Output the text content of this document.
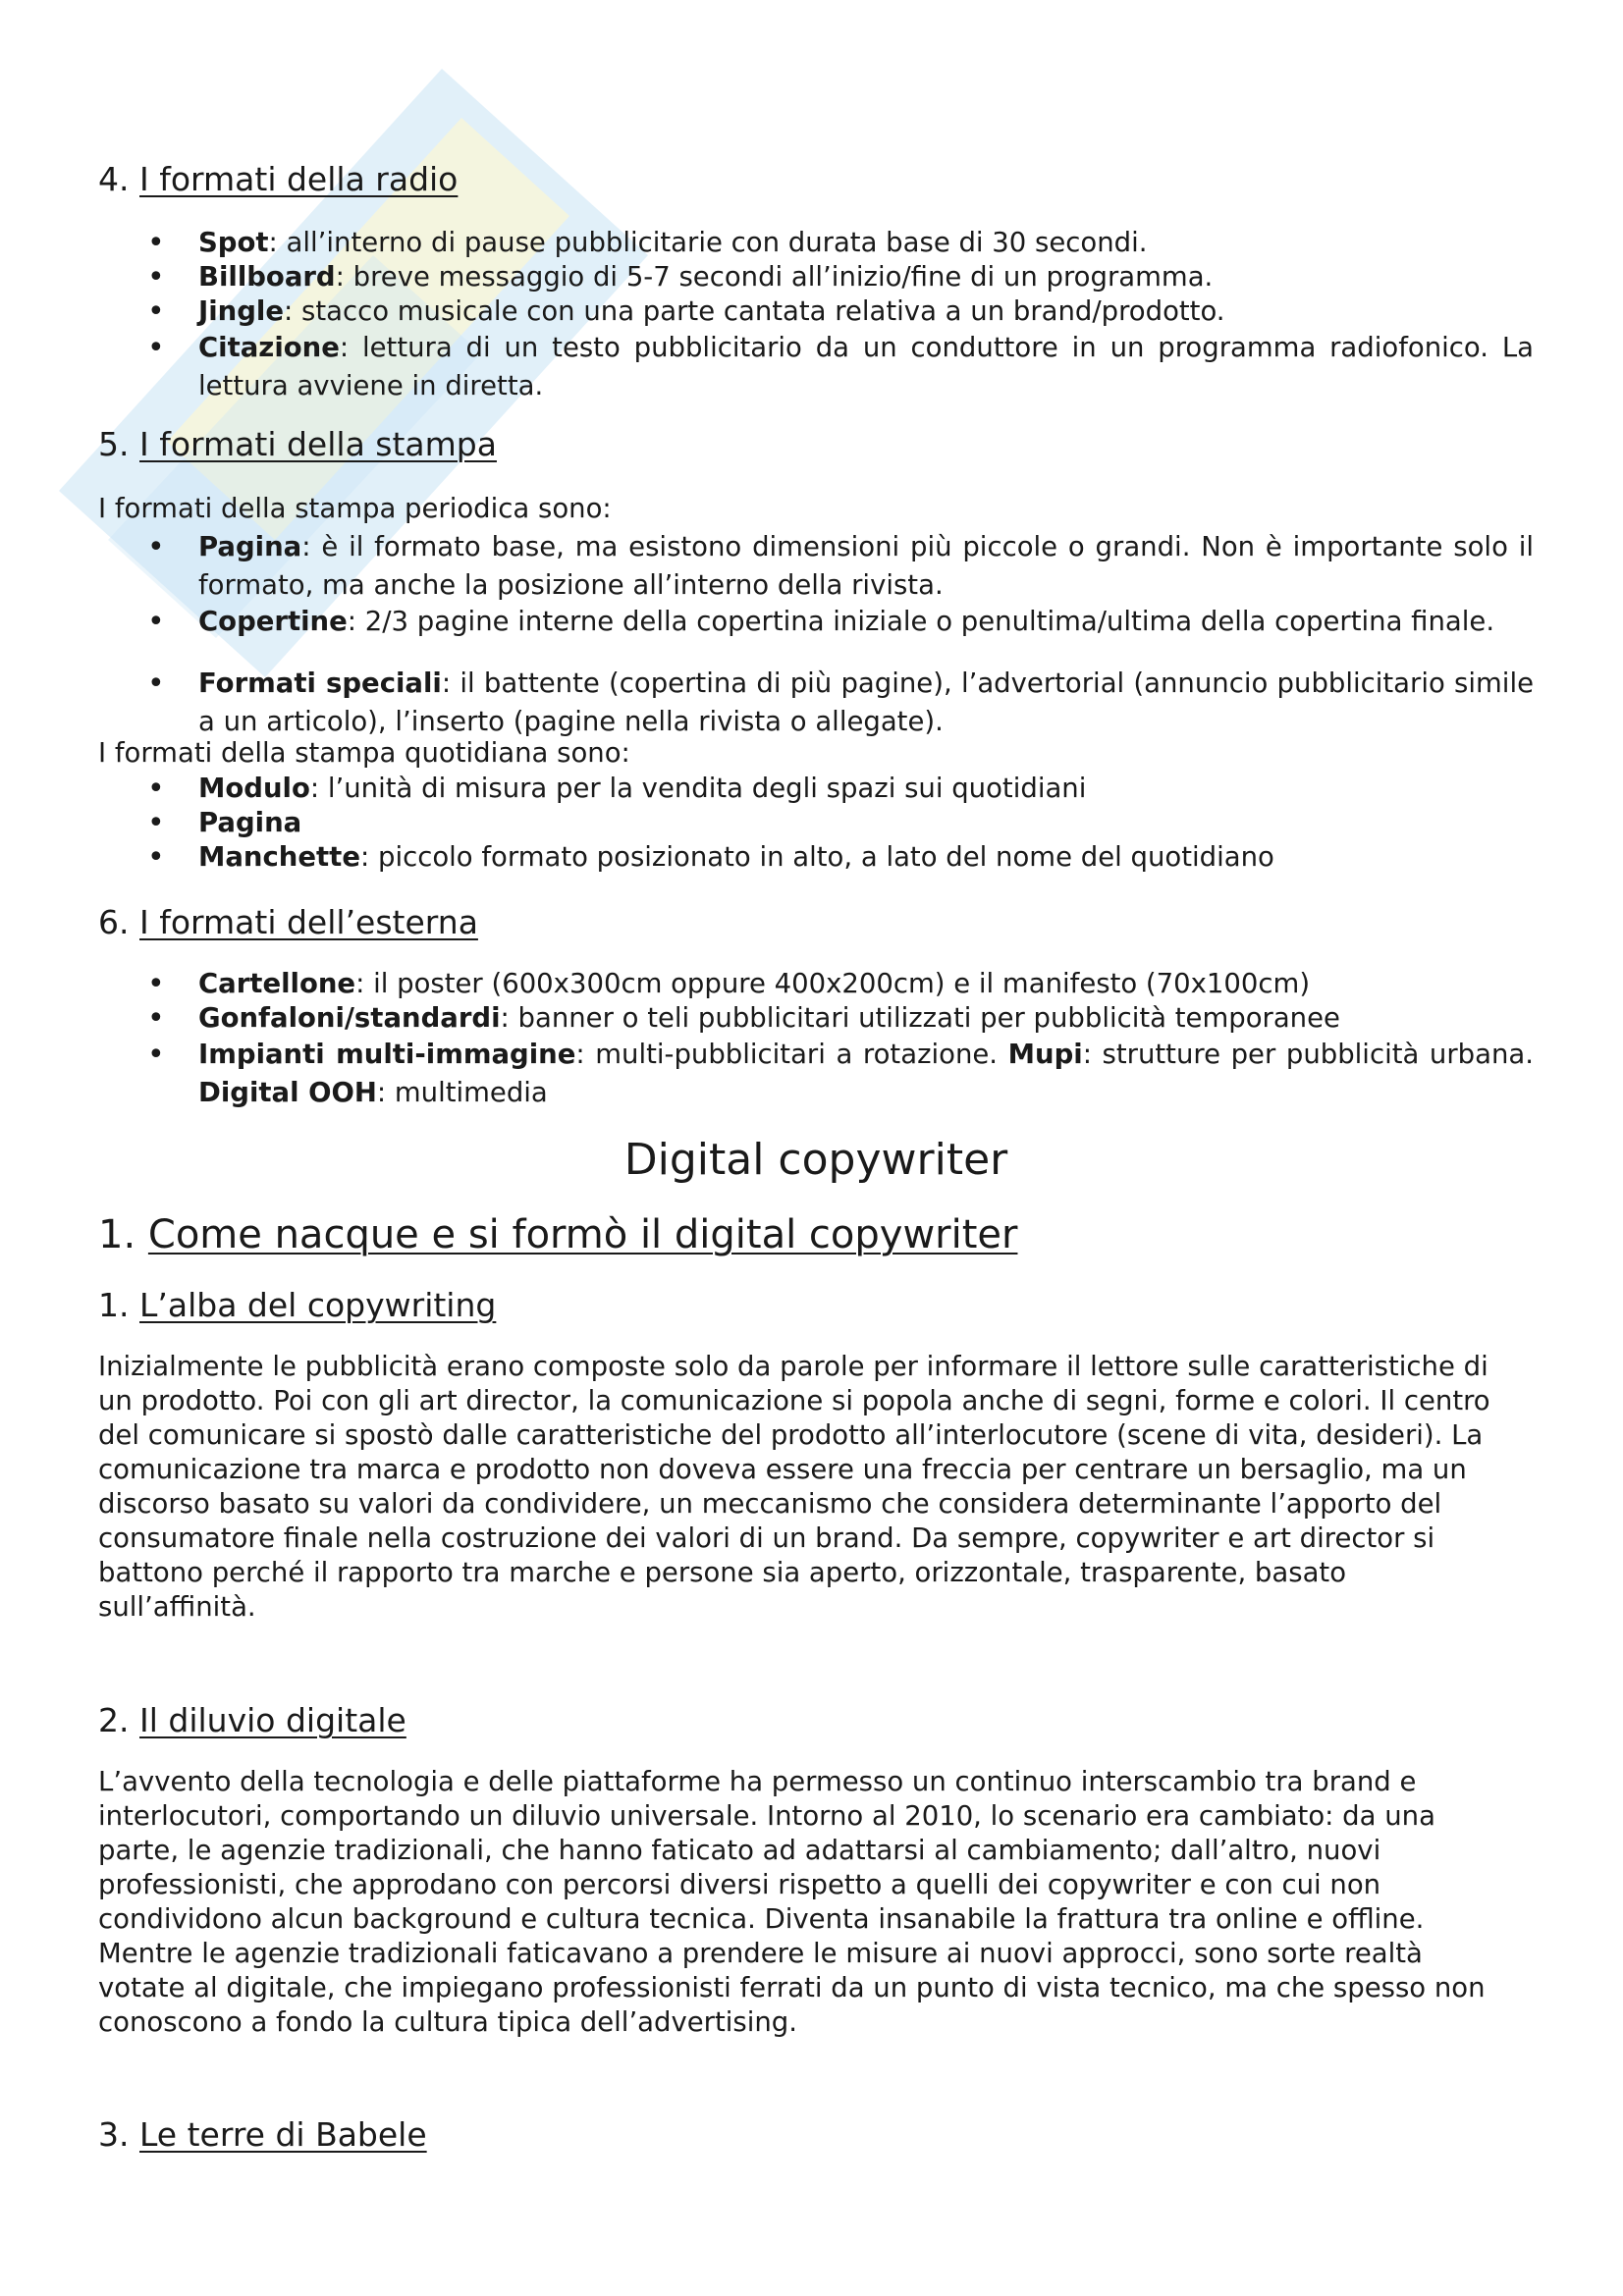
4. I formati della radio
• Spot: all’interno di pause pubblicitarie con durata base di 30 secondi.
• Billboard: breve messaggio di 5-7 secondi all’inizio/fine di un programma.
• Jingle: stacco musicale con una parte cantata relativa a un brand/prodotto.
• Citazione: lettura di un testo pubblicitario da un conduttore in un programma radiofonico. La lettura avviene in diretta.
5. I formati della stampa
I formati della stampa periodica sono:
• Pagina: è il formato base, ma esistono dimensioni più piccole o grandi. Non è importante solo il formato, ma anche la posizione all’interno della rivista.
• Copertine: 2/3 pagine interne della copertina iniziale o penultima/ultima della copertina finale.
• Formati speciali: il battente (copertina di più pagine), l’advertorial (annuncio pubblicitario simile a un articolo), l’inserto (pagine nella rivista o allegate).
I formati della stampa quotidiana sono:
• Modulo: l’unità di misura per la vendita degli spazi sui quotidiani
• Pagina
• Manchette: piccolo formato posizionato in alto, a lato del nome del quotidiano
6. I formati dell’esterna
• Cartellone: il poster (600x300cm oppure 400x200cm) e il manifesto (70x100cm)
• Gonfaloni/standardi: banner o teli pubblicitari utilizzati per pubblicità temporanee
• Impianti multi-immagine: multi-pubblicitari a rotazione. Mupi: strutture per pubblicità urbana. Digital OOH: multimedia
Digital copywriter
1. Come nacque e si formò il digital copywriter
1. L’alba del copywriting
Inizialmente le pubblicità erano composte solo da parole per informare il lettore sulle caratteristiche di
un prodotto. Poi con gli art director, la comunicazione si popola anche di segni, forme e colori. Il centro
del comunicare si spostò dalle caratteristiche del prodotto all’interlocutore (scene di vita, desideri). La
comunicazione tra marca e prodotto non doveva essere una freccia per centrare un bersaglio, ma un
discorso basato su valori da condividere, un meccanismo che considera determinante l’apporto del
consumatore finale nella costruzione dei valori di un brand. Da sempre, copywriter e art director si
battono perché il rapporto tra marche e persone sia aperto, orizzontale, trasparente, basato
sull’affinità.
2. Il diluvio digitale
L’avvento della tecnologia e delle piattaforme ha permesso un continuo interscambio tra brand e
interlocutori, comportando un diluvio universale. Intorno al 2010, lo scenario era cambiato: da una
parte, le agenzie tradizionali, che hanno faticato ad adattarsi al cambiamento; dall’altro, nuovi
professionisti, che approdano con percorsi diversi rispetto a quelli dei copywriter e con cui non
condividono alcun background e cultura tecnica. Diventa insanabile la frattura tra online e offline.
Mentre le agenzie tradizionali faticavano a prendere le misure ai nuovi approcci, sono sorte realtà
votate al digitale, che impiegano professionisti ferrati da un punto di vista tecnico, ma che spesso non
conoscono a fondo la cultura tipica dell’advertising.
3. Le terre di Babele
